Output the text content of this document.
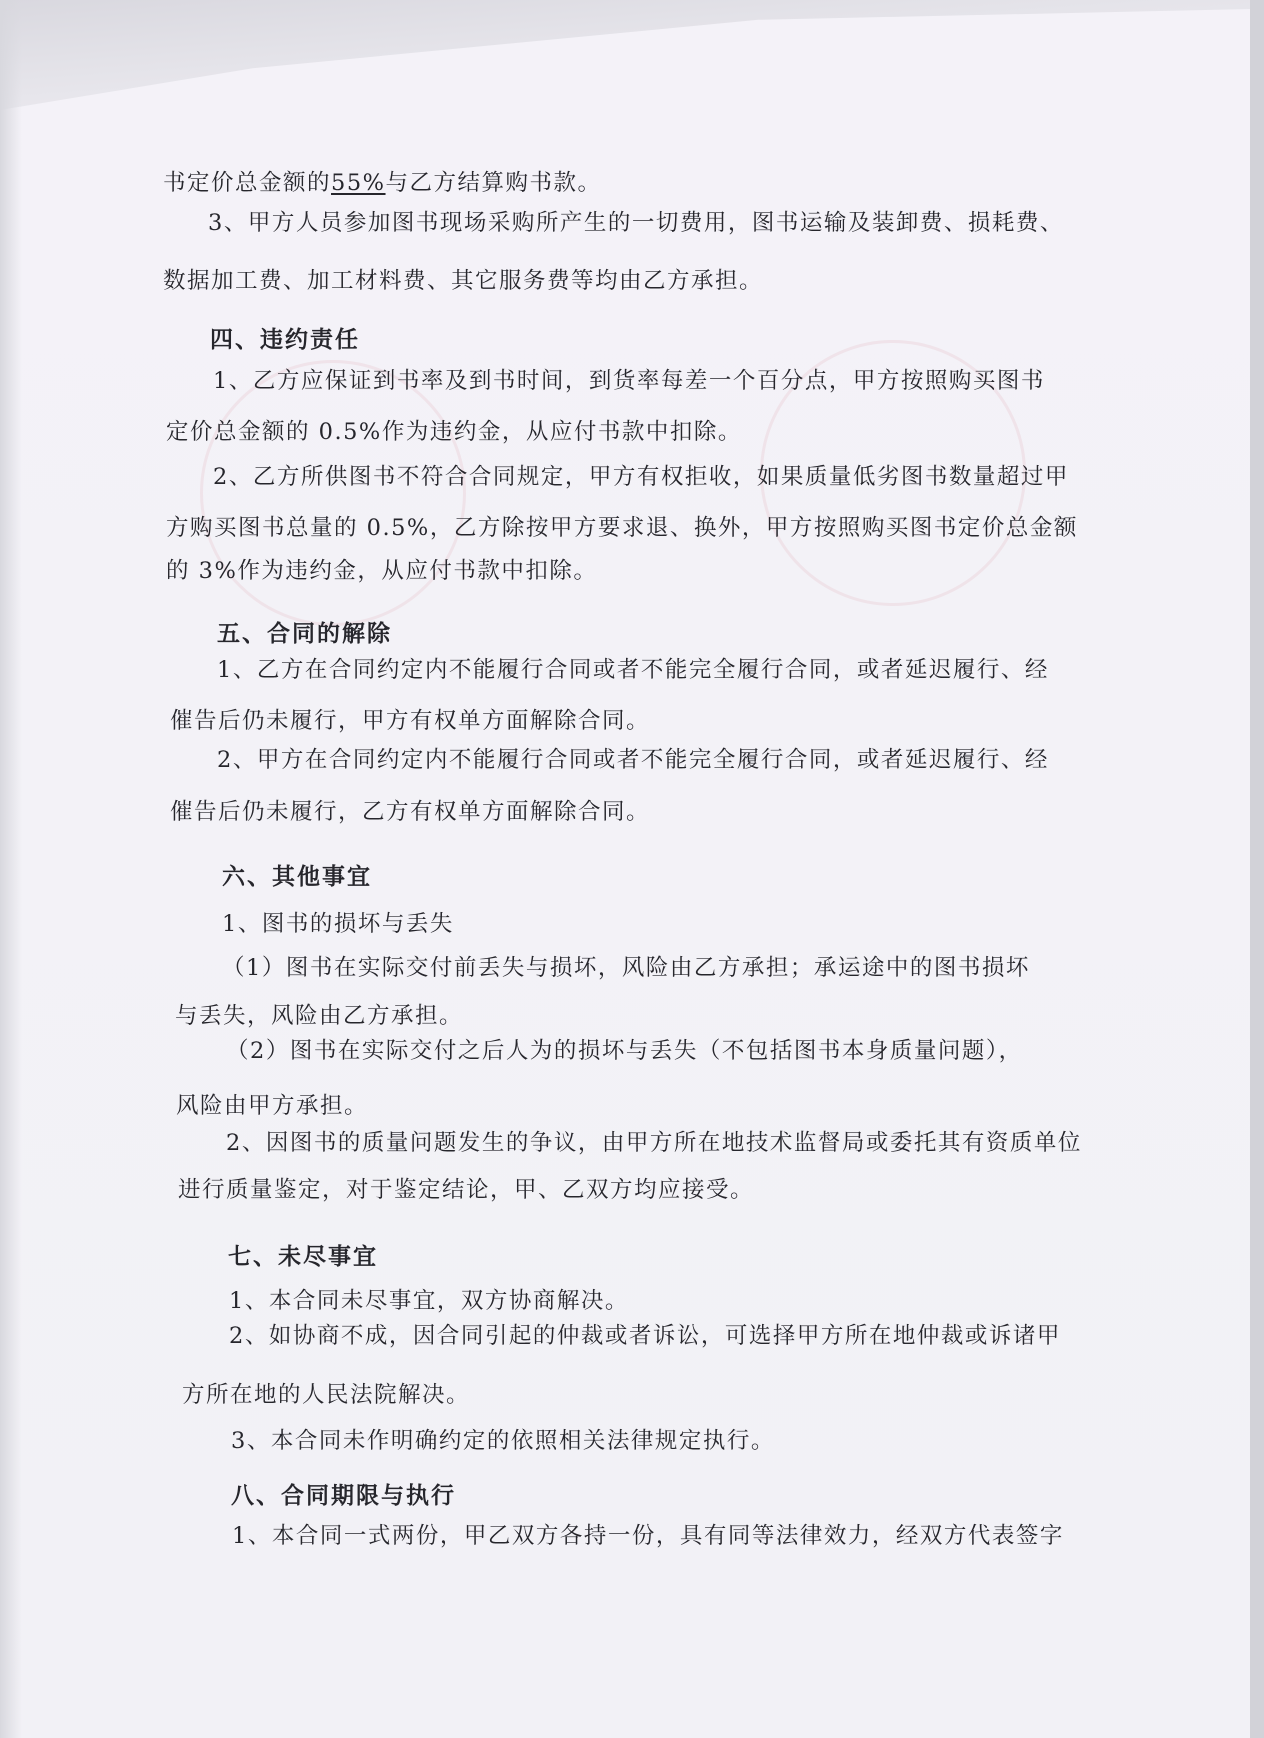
书定价总金额的55%与乙方结算购书款。
3、甲方人员参加图书现场采购所产生的一切费用，图书运输及装卸费、损耗费、
数据加工费、加工材料费、其它服务费等均由乙方承担。
四、违约责任
1、乙方应保证到书率及到书时间，到货率每差一个百分点，甲方按照购买图书
定价总金额的 0.5%作为违约金，从应付书款中扣除。
2、乙方所供图书不符合合同规定，甲方有权拒收，如果质量低劣图书数量超过甲
方购买图书总量的 0.5%，乙方除按甲方要求退、换外，甲方按照购买图书定价总金额
的 3%作为违约金，从应付书款中扣除。
五、合同的解除
1、乙方在合同约定内不能履行合同或者不能完全履行合同，或者延迟履行、经
催告后仍未履行，甲方有权单方面解除合同。
2、甲方在合同约定内不能履行合同或者不能完全履行合同，或者延迟履行、经
催告后仍未履行，乙方有权单方面解除合同。
六、其他事宜
1、图书的损坏与丢失
（1）图书在实际交付前丢失与损坏，风险由乙方承担；承运途中的图书损坏
与丢失，风险由乙方承担。
（2）图书在实际交付之后人为的损坏与丢失（不包括图书本身质量问题），
风险由甲方承担。
2、因图书的质量问题发生的争议，由甲方所在地技术监督局或委托其有资质单位
进行质量鉴定，对于鉴定结论，甲、乙双方均应接受。
七、未尽事宜
1、本合同未尽事宜，双方协商解决。
2、如协商不成，因合同引起的仲裁或者诉讼，可选择甲方所在地仲裁或诉诸甲
方所在地的人民法院解决。
3、本合同未作明确约定的依照相关法律规定执行。
八、合同期限与执行
1、本合同一式两份，甲乙双方各持一份，具有同等法律效力，经双方代表签字
